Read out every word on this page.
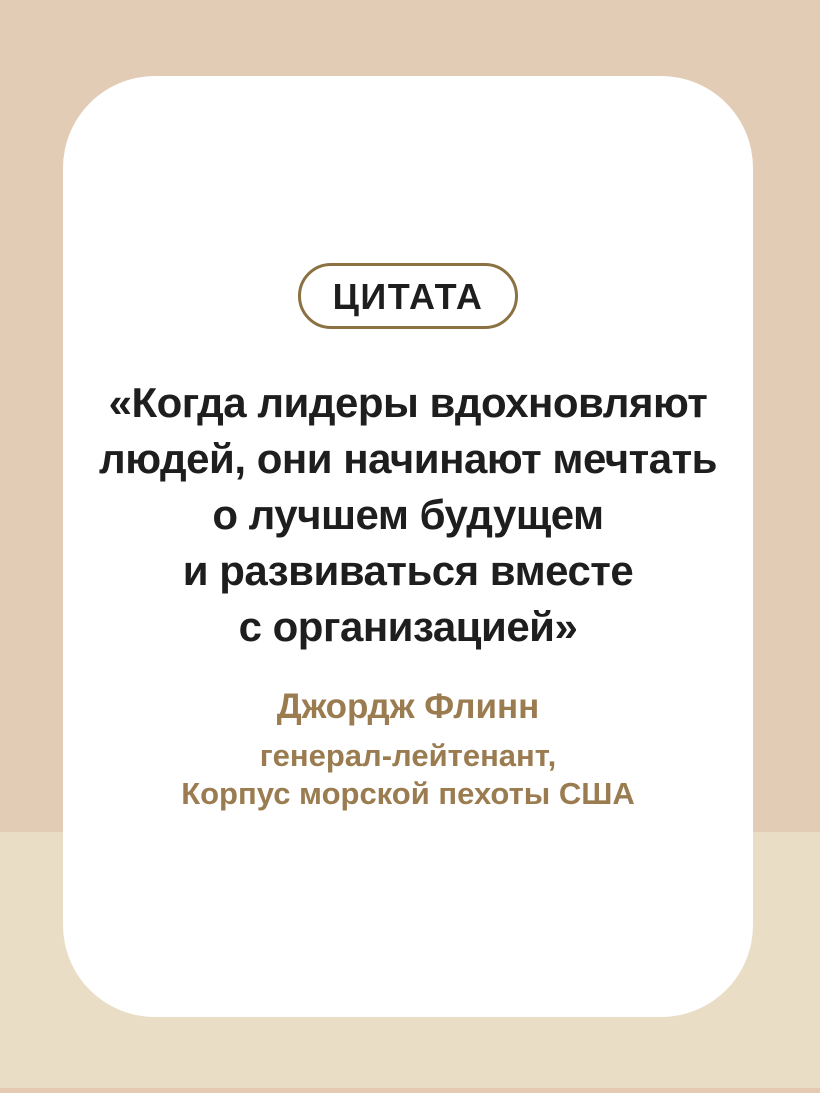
ЦИТАТА
«Когда лидеры вдохновляют
людей, они начинают мечтать
о лучшем будущем
и развиваться вместе
с организацией»
Джордж Флинн
генерал-лейтенант,
Корпус морской пехоты США
